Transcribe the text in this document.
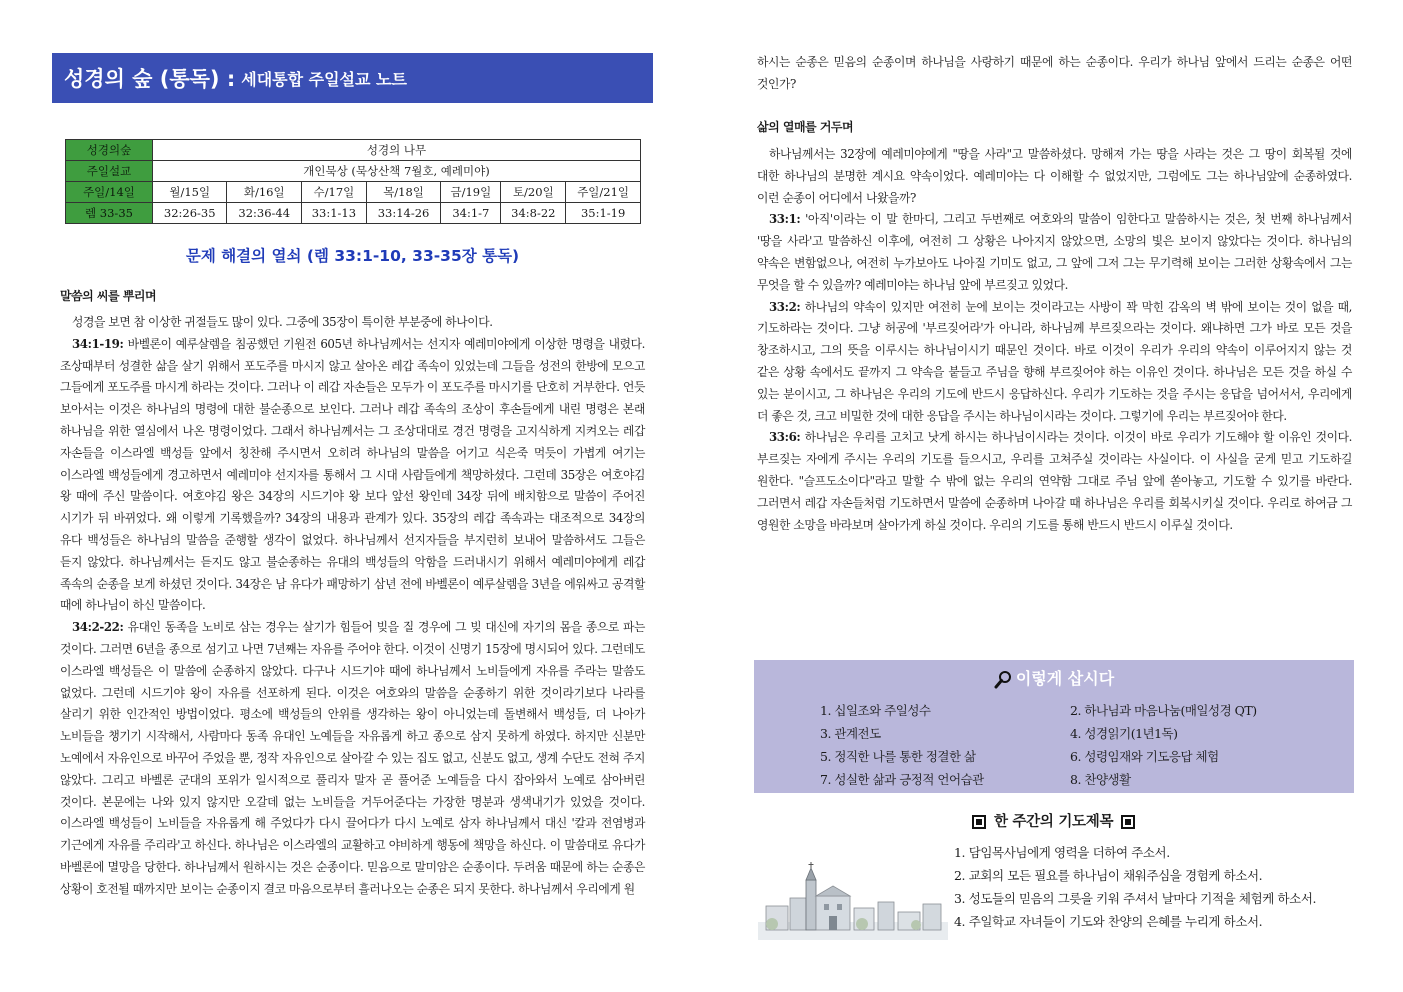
성경의 숲 (통독) : 세대통합 주일설교 노트
성경의숲	성경의 나무						
주일설교	개인묵상 (묵상산책 7월호, 예레미야)						
주일/14일	월/15일	화/16일	수/17일	목/18일	금/19일	토/20일	주일/21일
렘 33-35	32:26-35	32:36-44	33:1-13	33:14-26	34:1-7	34:8-22	35:1-19
문제 해결의 열쇠 (렘 33:1-10, 33-35장 통독)
말씀의 씨를 뿌리며

성경을 보면 참 이상한 귀절들도 많이 있다. 그중에 35장이 특이한 부분중에 하나이다.

34:1-19: 바벨론이 예루살렘을 침공했던 기원전 605년 하나님께서는 선지자 예레미야에게 이상한 명령을 내렸다. 조상때부터 성결한 삶을 살기 위해서 포도주를 마시지 않고 살아온 레갑 족속이 있었는데 그들을 성전의 한방에 모으고 그들에게 포도주를 마시게 하라는 것이다. 그러나 이 레갑 자손들은 모두가 이 포도주를 마시기를 단호히 거부한다. 언듯 보아서는 이것은 하나님의 명령에 대한 불순종으로 보인다. 그러나 레갑 족속의 조상이 후손들에게 내린 명령은 본래 하나님을 위한 열심에서 나온 명령이었다. 그래서 하나님께서는 그 조상대대로 경건 명령을 고지식하게 지켜오는 레갑 자손들을 이스라엘 백성들 앞에서 칭찬해 주시면서 오히려 하나님의 말씀을 어기고 식은죽 먹듯이 가볍게 여기는 이스라엘 백성들에게 경고하면서 예레미야 선지자를 통해서 그 시대 사람들에게 책망하셨다. 그런데 35장은 여호야김 왕 때에 주신 말씀이다. 여호야김 왕은 34장의 시드기야 왕 보다 앞선 왕인데 34장 뒤에 배치함으로 말씀이 주어진 시기가 뒤 바뀌었다. 왜 이렇게 기록했을까? 34장의 내용과 관계가 있다. 35장의 레갑 족속과는 대조적으로 34장의 유다 백성들은 하나님의 말씀을 준행할 생각이 없었다. 하나님께서 선지자들을 부지런히 보내어 말씀하셔도 그들은 듣지 않았다. 하나님께서는 듣지도 않고 불순종하는 유대의 백성들의 악함을 드러내시기 위해서 예레미야에게 레갑 족속의 순종을 보게 하셨던 것이다. 34장은 남 유다가 패망하기 삼년 전에 바벨론이 예루살렘을 3년을 에워싸고 공격할 때에 하나님이 하신 말씀이다.

34:2-22: 유대인 동족을 노비로 삼는 경우는 살기가 힘들어 빚을 질 경우에 그 빚 대신에 자기의 몸을 종으로 파는 것이다. 그러면 6년을 종으로 섬기고 나면 7년째는 자유를 주어야 한다. 이것이 신명기 15장에 명시되어 있다. 그런데도 이스라엘 백성들은 이 말씀에 순종하지 않았다. 다구나 시드기야 때에 하나님께서 노비들에게 자유를 주라는 말씀도 없었다. 그런데 시드기야 왕이 자유를 선포하게 된다. 이것은 여호와의 말씀을 순종하기 위한 것이라기보다 나라를 살리기 위한 인간적인 방법이었다. 평소에 백성들의 안위를 생각하는 왕이 아니었는데 돌변해서 백성들, 더 나아가 노비들을 챙기기 시작해서, 사람마다 동족 유대인 노예들을 자유롭게 하고 종으로 삼지 못하게 하였다. 하지만 신분만 노예에서 자유인으로 바꾸어 주었을 뿐, 정작 자유인으로 살아갈 수 있는 집도 없고, 신분도 없고, 생계 수단도 전혀 주지 않았다. 그리고 바벨론 군대의 포위가 일시적으로 풀리자 말자 곧 풀어준 노예들을 다시 잡아와서 노예로 삼아버린 것이다. 본문에는 나와 있지 않지만 오갈데 없는 노비들을 거두어준다는 가장한 명분과 생색내기가 있었을 것이다. 이스라엘 백성들이 노비들을 자유롭게 해 주었다가 다시 끌어다가 다시 노예로 삼자 하나님께서 대신 '칼과 전염병과 기근에게 자유를 주리라'고 하신다. 하나님은 이스라엘의 교활하고 야비하게 행동에 책망을 하신다. 이 말씀대로 유다가 바벨론에 멸망을 당한다. 하나님께서 원하시는 것은 순종이다. 믿음으로 말미암은 순종이다. 두려움 때문에 하는 순종은 상황이 호전될 때까지만 보이는 순종이지 결코 마음으로부터 흘러나오는 순종은 되지 못한다. 하나님께서 우리에게 원

하시는 순종은 믿음의 순종이며 하나님을 사랑하기 때문에 하는 순종이다. 우리가 하나님 앞에서 드리는 순종은 어떤 것인가?

삶의 열매를 거두며

하나님께서는 32장에 예레미야에게 "땅을 사라"고 말씀하셨다. 망해져 가는 땅을 사라는 것은 그 땅이 회복될 것에 대한 하나님의 분명한 계시요 약속이었다. 예레미야는 다 이해할 수 없었지만, 그럼에도 그는 하나님앞에 순종하였다. 이런 순종이 어디에서 나왔을까?

33:1: '아직'이라는 이 말 한마디, 그리고 두번째로 여호와의 말씀이 임한다고 말씀하시는 것은, 첫 번째 하나님께서 '땅을 사라'고 말씀하신 이후에, 여전히 그 상황은 나아지지 않았으면, 소망의 빛은 보이지 않았다는 것이다. 하나님의 약속은 변함없으나, 여전히 누가보아도 나아질 기미도 없고, 그 앞에 그저 그는 무기력해 보이는 그러한 상황속에서 그는 무엇을 할 수 있을까? 예레미야는 하나님 앞에 부르짖고 있었다.

33:2: 하나님의 약속이 있지만 여전히 눈에 보이는 것이라고는 사방이 꽉 막힌 감옥의 벽 밖에 보이는 것이 없을 때, 기도하라는 것이다. 그냥 허공에 '부르짖어라'가 아니라, 하나님께 부르짖으라는 것이다. 왜냐하면 그가 바로 모든 것을 창조하시고, 그의 뜻을 이루시는 하나님이시기 때문인 것이다. 바로 이것이 우리가 우리의 약속이 이루어지지 않는 것 같은 상황 속에서도 끝까지 그 약속을 붙들고 주님을 향해 부르짖어야 하는 이유인 것이다. 하나님은 모든 것을 하실 수 있는 분이시고, 그 하나님은 우리의 기도에 반드시 응답하신다. 우리가 기도하는 것을 주시는 응답을 넘어서서, 우리에게 더 좋은 것, 크고 비밀한 것에 대한 응답을 주시는 하나님이시라는 것이다. 그렇기에 우리는 부르짖어야 한다.

33:6: 하나님은 우리를 고치고 낫게 하시는 하나님이시라는 것이다. 이것이 바로 우리가 기도해야 할 이유인 것이다. 부르짖는 자에게 주시는 우리의 기도를 들으시고, 우리를 고쳐주실 것이라는 사실이다. 이 사실을 굳게 믿고 기도하길 원한다. "슬프도소이다"라고 말할 수 밖에 없는 우리의 연약함 그대로 주님 앞에 쏟아놓고, 기도할 수 있기를 바란다. 그러면서 레갑 자손들처럼 기도하면서 말씀에 순종하며 나아갈 때 하나님은 우리를 회복시키실 것이다. 우리로 하여금 그 영원한 소망을 바라보며 살아가게 하실 것이다. 우리의 기도를 통해 반드시 반드시 이루실 것이다.

이렇게 삽시다
1. 십일조와 주일성수	2. 하나님과 마음나눔(매일성경 QT)
3. 관계전도	4. 성경읽기(1년1독)
5. 정직한 나를 통한 정결한 삶	6. 성령임재와 기도응답 체험
7. 성실한 삶과 긍정적 언어습관	8. 찬양생활
한 주간의 기도제목
1. 담임목사님에게 영력을 더하여 주소서.
2. 교회의 모든 필요를 하나님이 채워주심을 경험케 하소서.
3. 성도들의 믿음의 그릇을 키워 주셔서 날마다 기적을 체험케 하소서.
4. 주일학교 자녀들이 기도와 찬양의 은혜를 누리게 하소서.
